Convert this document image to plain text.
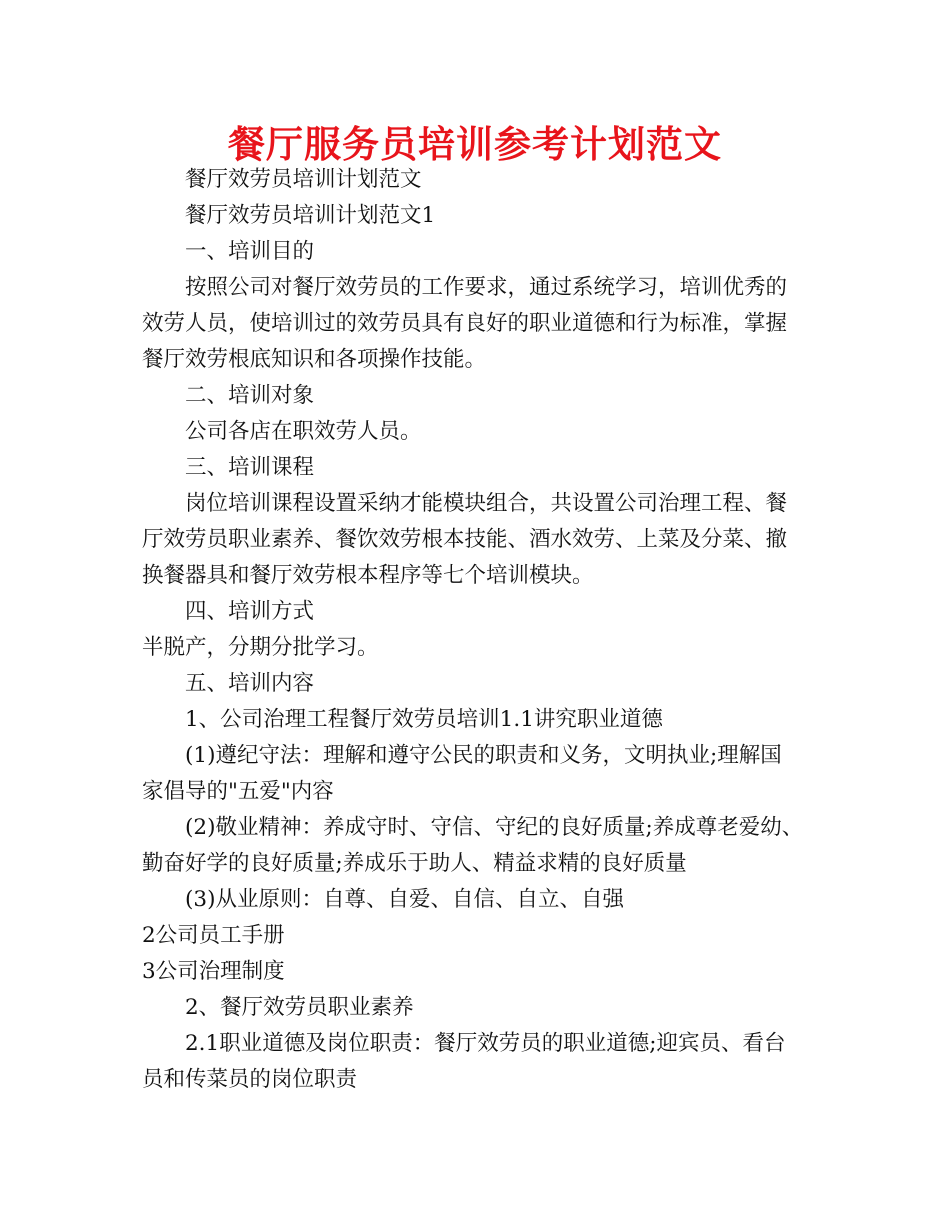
餐厅服务员培训参考计划范文

餐厅效劳员培训计划范文

餐厅效劳员培训计划范文1

一、培训目的

按照公司对餐厅效劳员的工作要求，通过系统学习，培训优秀的

效劳人员，使培训过的效劳员具有良好的职业道德和行为标准，掌握

餐厅效劳根底知识和各项操作技能。

二、培训对象

公司各店在职效劳人员。

三、培训课程

岗位培训课程设置采纳才能模块组合，共设置公司治理工程、餐

厅效劳员职业素养、餐饮效劳根本技能、酒水效劳、上菜及分菜、撤

换餐器具和餐厅效劳根本程序等七个培训模块。

四、培训方式

半脱产，分期分批学习。

五、培训内容

1、公司治理工程餐厅效劳员培训1.1讲究职业道德

(1)遵纪守法：理解和遵守公民的职责和义务，文明执业;理解国

家倡导的"五爱"内容

(2)敬业精神：养成守时、守信、守纪的良好质量;养成尊老爱幼、

勤奋好学的良好质量;养成乐于助人、精益求精的良好质量

(3)从业原则：自尊、自爱、自信、自立、自强

2公司员工手册

3公司治理制度

2、餐厅效劳员职业素养

2.1职业道德及岗位职责：餐厅效劳员的职业道德;迎宾员、看台

员和传菜员的岗位职责
